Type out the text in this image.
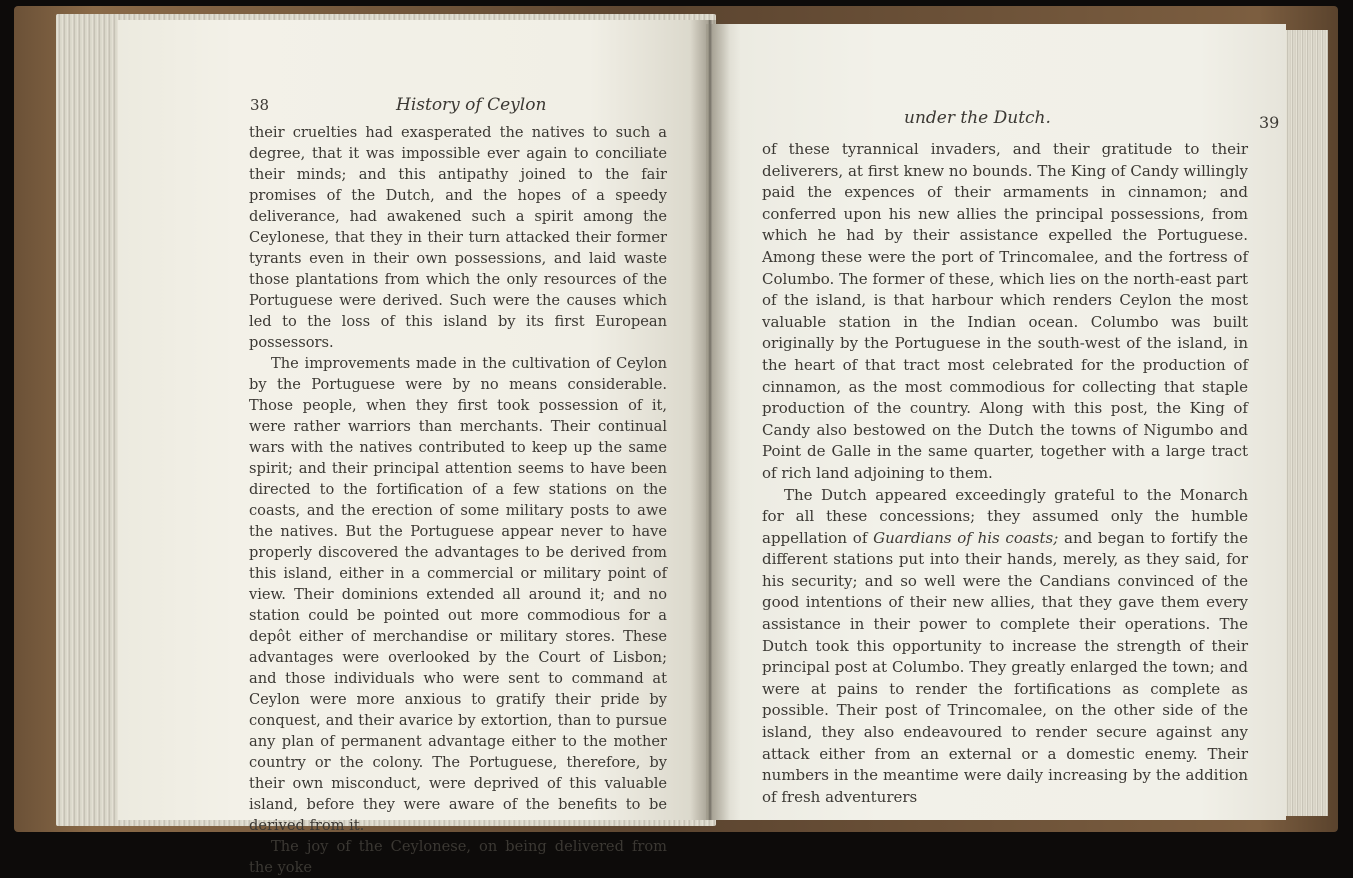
38	History of Ceylon
under the Dutch.	39

their cruelties had exasperated the natives to such a degree, that it was impossible ever again to conciliate their minds; and this antipathy joined to the fair promises of the Dutch, and the hopes of a speedy deliverance, had awakened such a spirit among the Ceylonese, that they in their turn attacked their former tyrants even in their own possessions, and laid waste those plantations from which the only resources of the Portuguese were derived. Such were the causes which led to the loss of this island by its first European possessors.

The improvements made in the cultivation of Ceylon by the Portuguese were by no means considerable. Those people, when they first took possession of it, were rather warriors than merchants. Their continual wars with the natives contributed to keep up the same spirit; and their principal attention seems to have been directed to the fortification of a few stations on the coasts, and the erection of some military posts to awe the natives. But the Portuguese appear never to have properly discovered the advantages to be derived from this island, either in a commercial or military point of view. Their dominions extended all around it; and no station could be pointed out more commodious for a depôt either of merchandise or military stores. These advantages were overlooked by the Court of Lisbon; and those individuals who were sent to command at Ceylon were more anxious to gratify their pride by conquest, and their avarice by extortion, than to pursue any plan of permanent advantage either to the mother country or the colony. The Portuguese, therefore, by their own misconduct, were deprived of this valuable island, before they were aware of the benefits to be derived from it.

The joy of the Ceylonese, on being delivered from the yoke

of these tyrannical invaders, and their gratitude to their deliverers, at first knew no bounds. The King of Candy willingly paid the expences of their armaments in cinnamon; and conferred upon his new allies the principal possessions, from which he had by their assistance expelled the Portuguese. Among these were the port of Trincomalee, and the fortress of Columbo. The former of these, which lies on the north-east part of the island, is that harbour which renders Ceylon the most valuable station in the Indian ocean. Columbo was built originally by the Portuguese in the south-west of the island, in the heart of that tract most celebrated for the production of cinnamon, as the most commodious for collecting that staple production of the country. Along with this post, the King of Candy also bestowed on the Dutch the towns of Nigumbo and Point de Galle in the same quarter, together with a large tract of rich land adjoining to them.

The Dutch appeared exceedingly grateful to the Monarch for all these concessions; they assumed only the humble appellation of Guardians of his coasts; and began to fortify the different stations put into their hands, merely, as they said, for his security; and so well were the Candians convinced of the good intentions of their new allies, that they gave them every assistance in their power to complete their operations. The Dutch took this opportunity to increase the strength of their principal post at Columbo. They greatly enlarged the town; and were at pains to render the fortifications as complete as possible. Their post of Trincomalee, on the other side of the island, they also endeavoured to render secure against any attack either from an external or a domestic enemy. Their numbers in the meantime were daily increasing by the addition of fresh adventurers
